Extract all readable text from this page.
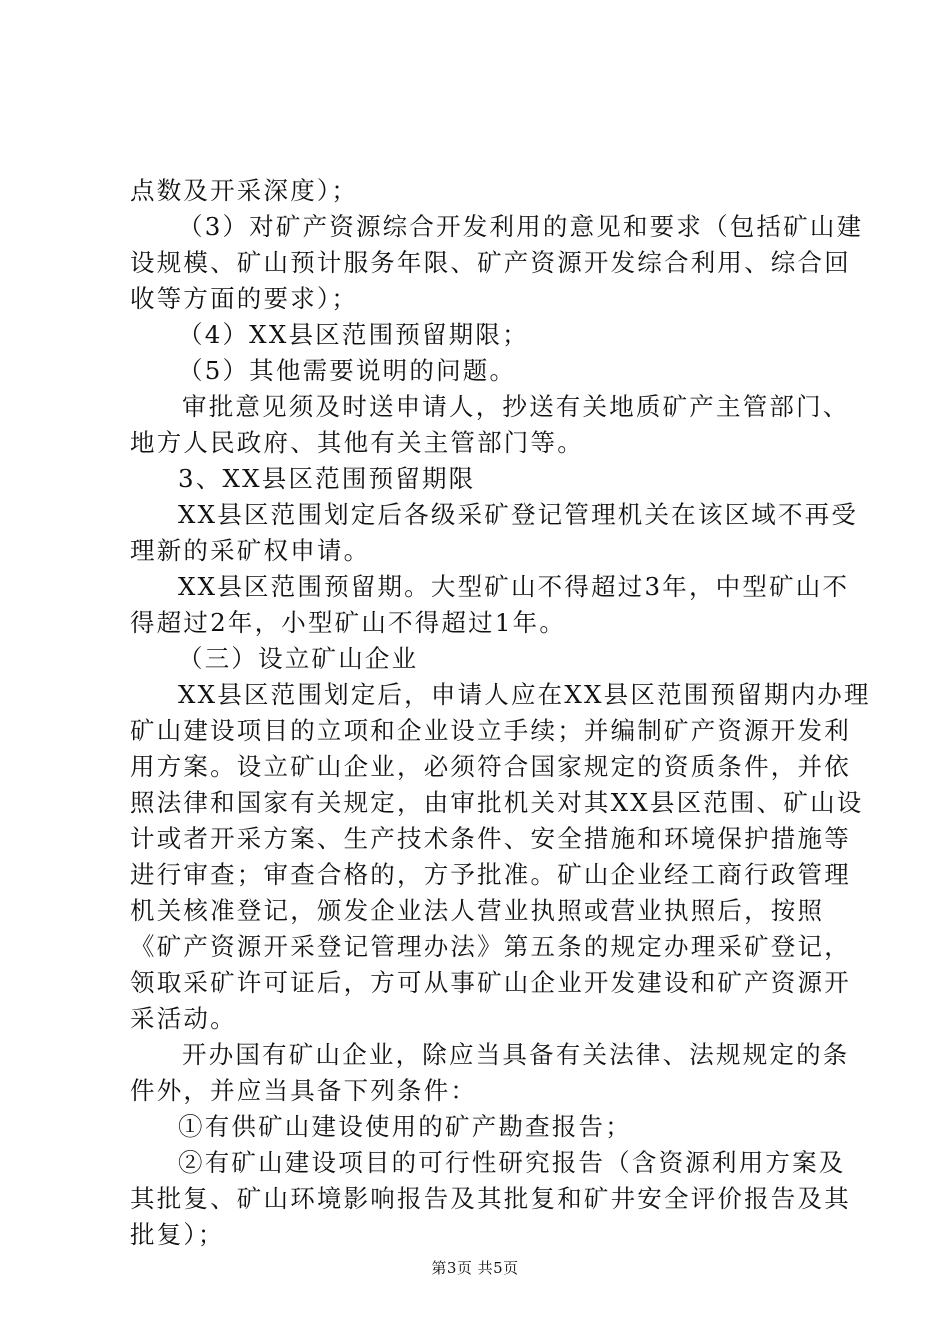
点数及开采深度）；
（3）对矿产资源综合开发利用的意见和要求（包括矿山建
设规模、矿山预计服务年限、矿产资源开发综合利用、综合回
收等方面的要求）；
（4）XX县区范围预留期限；
（5）其他需要说明的问题。
审批意见须及时送申请人，抄送有关地质矿产主管部门、
地方人民政府、其他有关主管部门等。
3、XX县区范围预留期限
XX县区范围划定后各级采矿登记管理机关在该区域不再受
理新的采矿权申请。
XX县区范围预留期。大型矿山不得超过3年，中型矿山不
得超过2年，小型矿山不得超过1年。
（三）设立矿山企业
XX县区范围划定后，申请人应在XX县区范围预留期内办理
矿山建设项目的立项和企业设立手续；并编制矿产资源开发利
用方案。设立矿山企业，必须符合国家规定的资质条件，并依
照法律和国家有关规定，由审批机关对其XX县区范围、矿山设
计或者开采方案、生产技术条件、安全措施和环境保护措施等
进行审查；审查合格的，方予批准。矿山企业经工商行政管理
机关核准登记，颁发企业法人营业执照或营业执照后，按照
《矿产资源开采登记管理办法》第五条的规定办理采矿登记，
领取采矿许可证后，方可从事矿山企业开发建设和矿产资源开
采活动。
开办国有矿山企业，除应当具备有关法律、法规规定的条
件外，并应当具备下列条件：
①有供矿山建设使用的矿产勘查报告；
②有矿山建设项目的可行性研究报告（含资源利用方案及
其批复、矿山环境影响报告及其批复和矿井安全评价报告及其
批复）；
第3页 共5页
